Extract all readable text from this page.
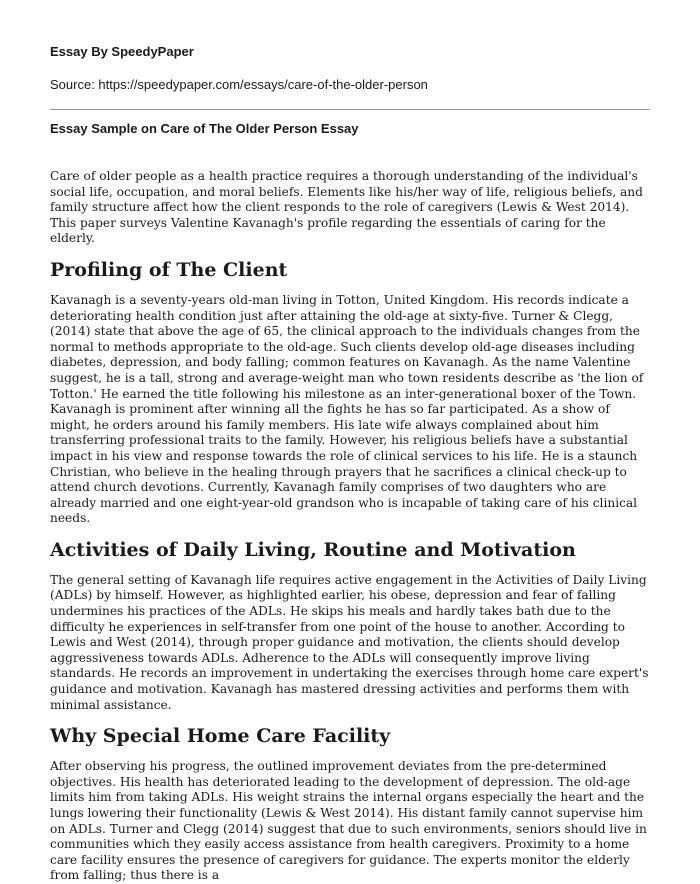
Essay By SpeedyPaper
Source: https://speedypaper.com/essays/care-of-the-older-person
Essay Sample on Care of The Older Person Essay

Care of older people as a health practice requires a thorough understanding of the individual's social life, occupation, and moral beliefs. Elements like his/her way of life, religious beliefs, and family structure affect how the client responds to the role of caregivers (Lewis & West 2014). This paper surveys Valentine Kavanagh's profile regarding the essentials of caring for the elderly.

Profiling of The Client

Kavanagh is a seventy-years old-man living in Totton, United Kingdom. His records indicate a deteriorating health condition just after attaining the old-age at sixty-five. Turner & Clegg, (2014) state that above the age of 65, the clinical approach to the individuals changes from the normal to methods appropriate to the old-age. Such clients develop old-age diseases including diabetes, depression, and body falling; common features on Kavanagh. As the name Valentine suggest, he is a tall, strong and average-weight man who town residents describe as 'the lion of Totton.' He earned the title following his milestone as an inter-generational boxer of the Town. Kavanagh is prominent after winning all the fights he has so far participated. As a show of might, he orders around his family members. His late wife always complained about him transferring professional traits to the family. However, his religious beliefs have a substantial impact in his view and response towards the role of clinical services to his life. He is a staunch Christian, who believe in the healing through prayers that he sacrifices a clinical check-up to attend church devotions. Currently, Kavanagh family comprises of two daughters who are already married and one eight-year-old grandson who is incapable of taking care of his clinical needs.

Activities of Daily Living, Routine and Motivation

The general setting of Kavanagh life requires active engagement in the Activities of Daily Living (ADLs) by himself. However, as highlighted earlier, his obese, depression and fear of falling undermines his practices of the ADLs. He skips his meals and hardly takes bath due to the difficulty he experiences in self-transfer from one point of the house to another. According to Lewis and West (2014), through proper guidance and motivation, the clients should develop aggressiveness towards ADLs. Adherence to the ADLs will consequently improve living standards. He records an improvement in undertaking the exercises through home care expert's guidance and motivation. Kavanagh has mastered dressing activities and performs them with minimal assistance.

Why Special Home Care Facility

After observing his progress, the outlined improvement deviates from the pre-determined objectives. His health has deteriorated leading to the development of depression. The old-age limits him from taking ADLs. His weight strains the internal organs especially the heart and the lungs lowering their functionality (Lewis & West 2014). His distant family cannot supervise him on ADLs. Turner and Clegg (2014) suggest that due to such environments, seniors should live in communities which they easily access assistance from health caregivers. Proximity to a home care facility ensures the presence of caregivers for guidance. The experts monitor the elderly from falling; thus there is a
